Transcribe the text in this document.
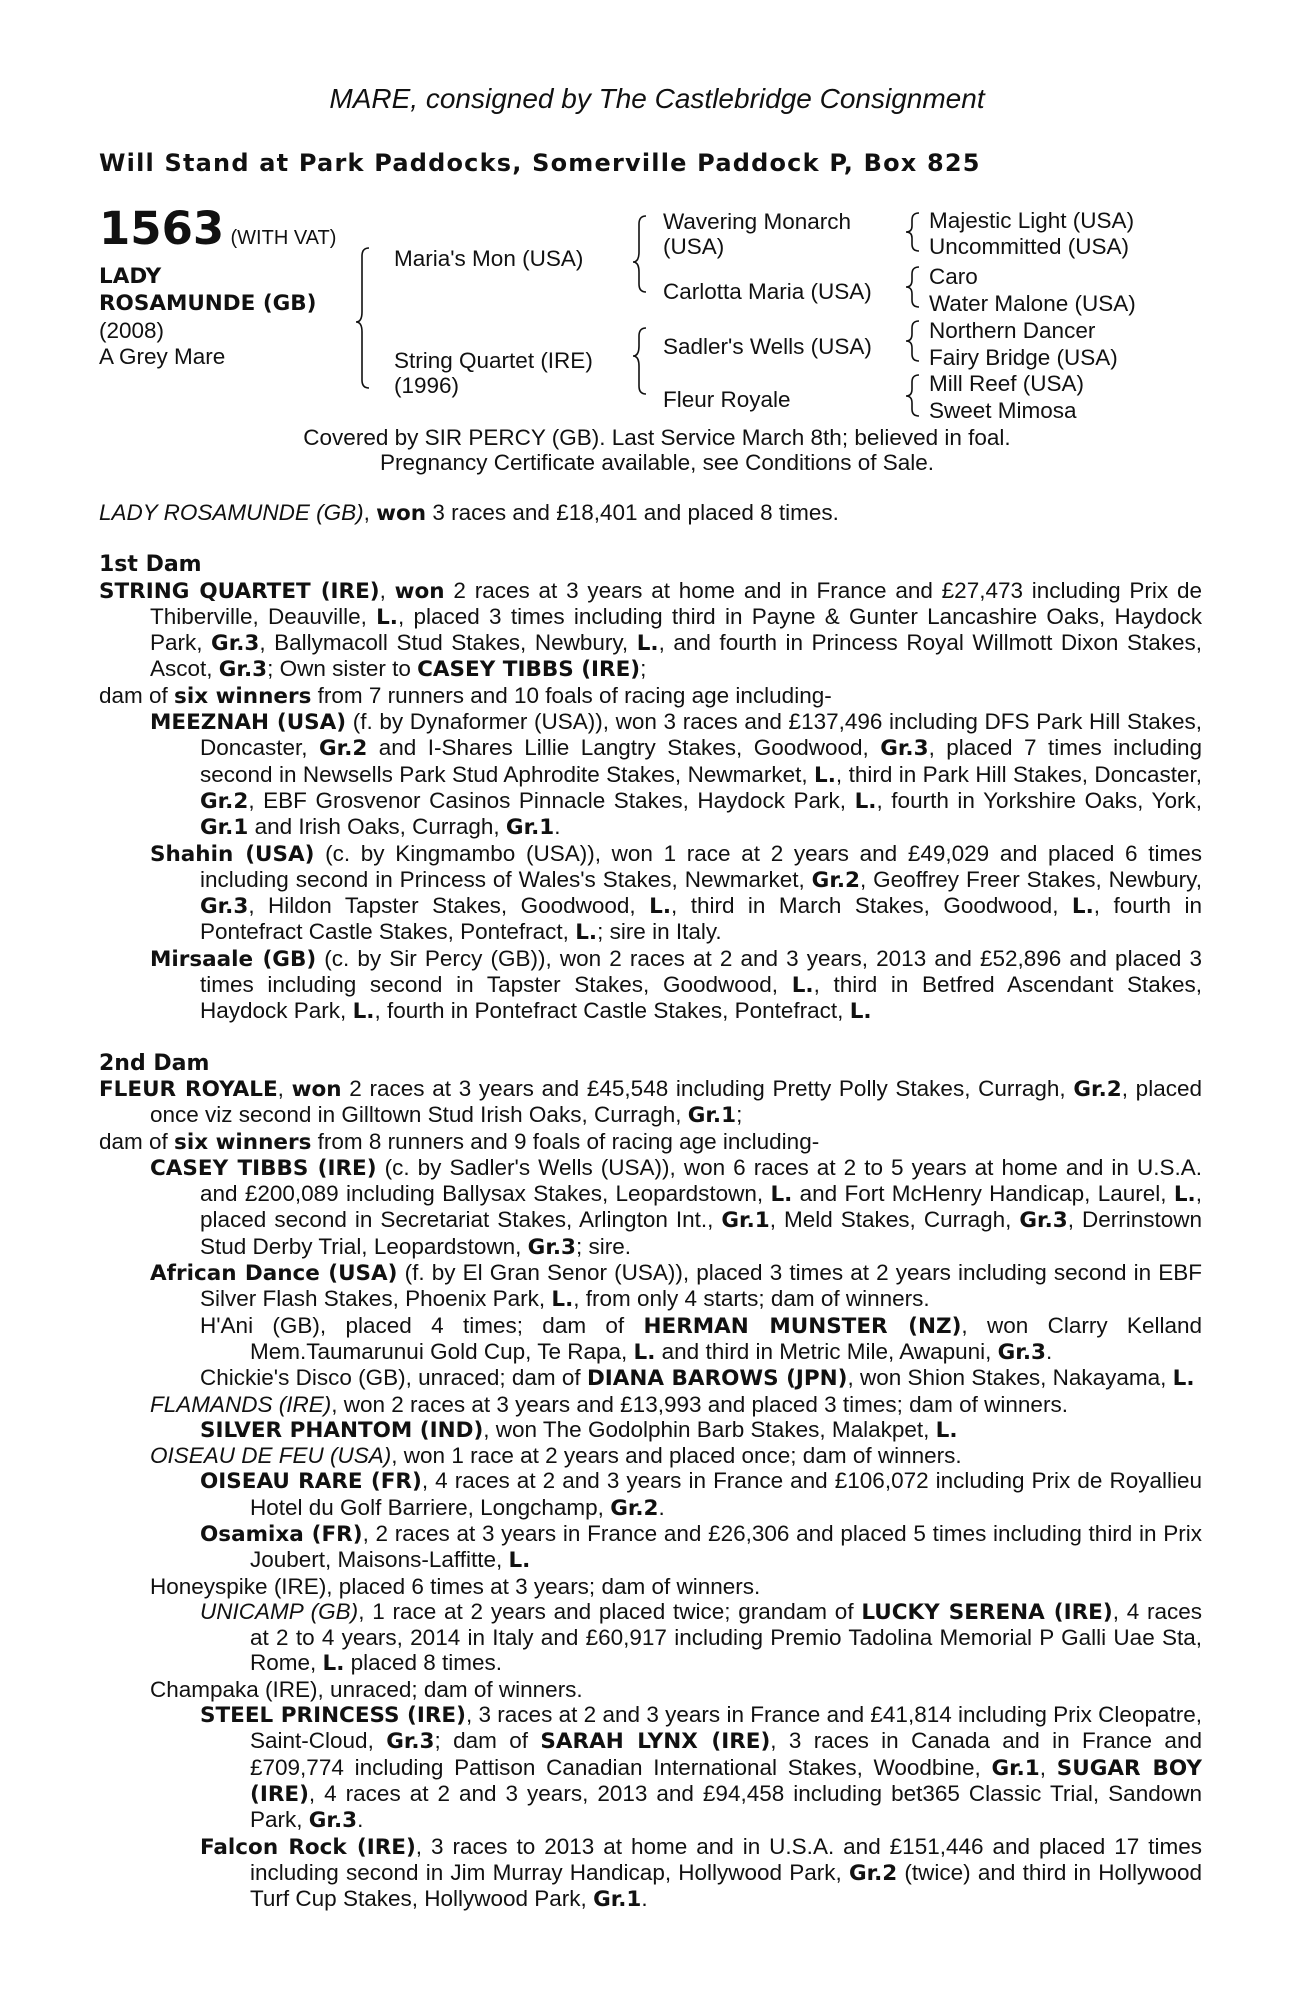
MARE, consigned by The Castlebridge Consignment
Will Stand at Park Paddocks, Somerville Paddock P, Box 825
1563 (WITH VAT)
LADY
ROSAMUNDE (GB)
(2008)
A Grey Mare
Maria's Mon (USA)
String Quartet (IRE)
(1996)
Wavering Monarch
(USA)
Carlotta Maria (USA)
Sadler's Wells (USA)
Fleur Royale
Majestic Light (USA)
Uncommitted (USA)
Caro
Water Malone (USA)
Northern Dancer
Fairy Bridge (USA)
Mill Reef (USA)
Sweet Mimosa
Covered by SIR PERCY (GB). Last Service March 8th; believed in foal.
Pregnancy Certificate available, see Conditions of Sale.
LADY ROSAMUNDE (GB), won 3 races and £18,401 and placed 8 times.
1st Dam
STRING QUARTET (IRE), won 2 races at 3 years at home and in France and £27,473 including Prix de Thiberville, Deauville, L., placed 3 times including third in Payne & Gunter Lancashire Oaks, Haydock Park, Gr.3, Ballymacoll Stud Stakes, Newbury, L., and fourth in Princess Royal Willmott Dixon Stakes, Ascot, Gr.3; Own sister to CASEY TIBBS (IRE);
dam of six winners from 7 runners and 10 foals of racing age including-
MEEZNAH (USA) (f. by Dynaformer (USA)), won 3 races and £137,496 including DFS Park Hill Stakes, Doncaster, Gr.2 and I-Shares Lillie Langtry Stakes, Goodwood, Gr.3, placed 7 times including second in Newsells Park Stud Aphrodite Stakes, Newmarket, L., third in Park Hill Stakes, Doncaster, Gr.2, EBF Grosvenor Casinos Pinnacle Stakes, Haydock Park, L., fourth in Yorkshire Oaks, York, Gr.1 and Irish Oaks, Curragh, Gr.1.
Shahin (USA) (c. by Kingmambo (USA)), won 1 race at 2 years and £49,029 and placed 6 times including second in Princess of Wales's Stakes, Newmarket, Gr.2, Geoffrey Freer Stakes, Newbury, Gr.3, Hildon Tapster Stakes, Goodwood, L., third in March Stakes, Goodwood, L., fourth in Pontefract Castle Stakes, Pontefract, L.; sire in Italy.
Mirsaale (GB) (c. by Sir Percy (GB)), won 2 races at 2 and 3 years, 2013 and £52,896 and placed 3 times including second in Tapster Stakes, Goodwood, L., third in Betfred Ascendant Stakes, Haydock Park, L., fourth in Pontefract Castle Stakes, Pontefract, L.
2nd Dam
FLEUR ROYALE, won 2 races at 3 years and £45,548 including Pretty Polly Stakes, Curragh, Gr.2, placed once viz second in Gilltown Stud Irish Oaks, Curragh, Gr.1;
dam of six winners from 8 runners and 9 foals of racing age including-
CASEY TIBBS (IRE) (c. by Sadler's Wells (USA)), won 6 races at 2 to 5 years at home and in U.S.A. and £200,089 including Ballysax Stakes, Leopardstown, L. and Fort McHenry Handicap, Laurel, L., placed second in Secretariat Stakes, Arlington Int., Gr.1, Meld Stakes, Curragh, Gr.3, Derrinstown Stud Derby Trial, Leopardstown, Gr.3; sire.
African Dance (USA) (f. by El Gran Senor (USA)), placed 3 times at 2 years including second in EBF Silver Flash Stakes, Phoenix Park, L., from only 4 starts; dam of winners.
H'Ani (GB), placed 4 times; dam of HERMAN MUNSTER (NZ), won Clarry Kelland Mem.Taumarunui Gold Cup, Te Rapa, L. and third in Metric Mile, Awapuni, Gr.3.
Chickie's Disco (GB), unraced; dam of DIANA BAROWS (JPN), won Shion Stakes, Nakayama, L.
FLAMANDS (IRE), won 2 races at 3 years and £13,993 and placed 3 times; dam of winners.
SILVER PHANTOM (IND), won The Godolphin Barb Stakes, Malakpet, L.
OISEAU DE FEU (USA), won 1 race at 2 years and placed once; dam of winners.
OISEAU RARE (FR), 4 races at 2 and 3 years in France and £106,072 including Prix de Royallieu Hotel du Golf Barriere, Longchamp, Gr.2.
Osamixa (FR), 2 races at 3 years in France and £26,306 and placed 5 times including third in Prix Joubert, Maisons-Laffitte, L.
Honeyspike (IRE), placed 6 times at 3 years; dam of winners.
UNICAMP (GB), 1 race at 2 years and placed twice; grandam of LUCKY SERENA (IRE), 4 races at 2 to 4 years, 2014 in Italy and £60,917 including Premio Tadolina Memorial P Galli Uae Sta, Rome, L. placed 8 times.
Champaka (IRE), unraced; dam of winners.
STEEL PRINCESS (IRE), 3 races at 2 and 3 years in France and £41,814 including Prix Cleopatre, Saint-Cloud, Gr.3; dam of SARAH LYNX (IRE), 3 races in Canada and in France and £709,774 including Pattison Canadian International Stakes, Woodbine, Gr.1, SUGAR BOY (IRE), 4 races at 2 and 3 years, 2013 and £94,458 including bet365 Classic Trial, Sandown Park, Gr.3.
Falcon Rock (IRE), 3 races to 2013 at home and in U.S.A. and £151,446 and placed 17 times including second in Jim Murray Handicap, Hollywood Park, Gr.2 (twice) and third in Hollywood Turf Cup Stakes, Hollywood Park, Gr.1.
